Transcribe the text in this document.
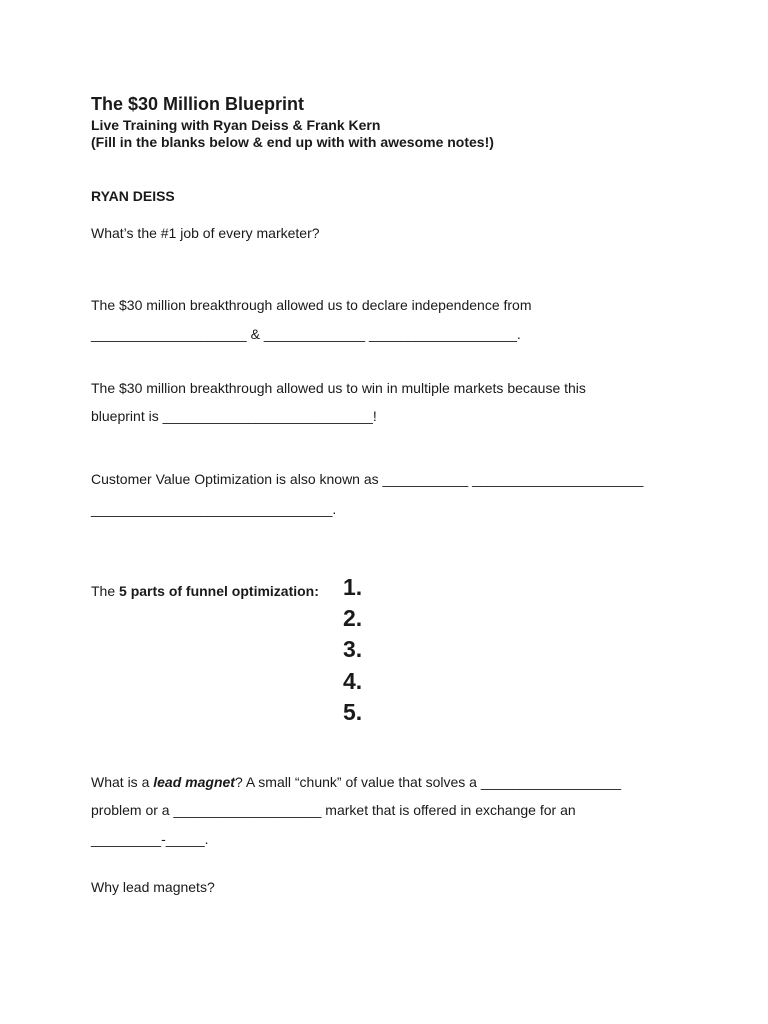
The $30 Million Blueprint
Live Training with Ryan Deiss & Frank Kern
(Fill in the blanks below & end up with with awesome notes!)
RYAN DEISS
What’s the #1 job of every marketer?
The $30 million breakthrough allowed us to declare independence from
____________________ & _____________ ___________________.
The $30 million breakthrough allowed us to win in multiple markets because this
blueprint is ___________________________!
Customer Value Optimization is also known as ___________ ______________________
_______________________________.
The 5 parts of funnel optimization: 1.
2.
3.
4.
5.
What is a lead magnet? A small “chunk” of value that solves a __________________
problem or a ___________________ market that is offered in exchange for an
_________-_____.
Why lead magnets?
